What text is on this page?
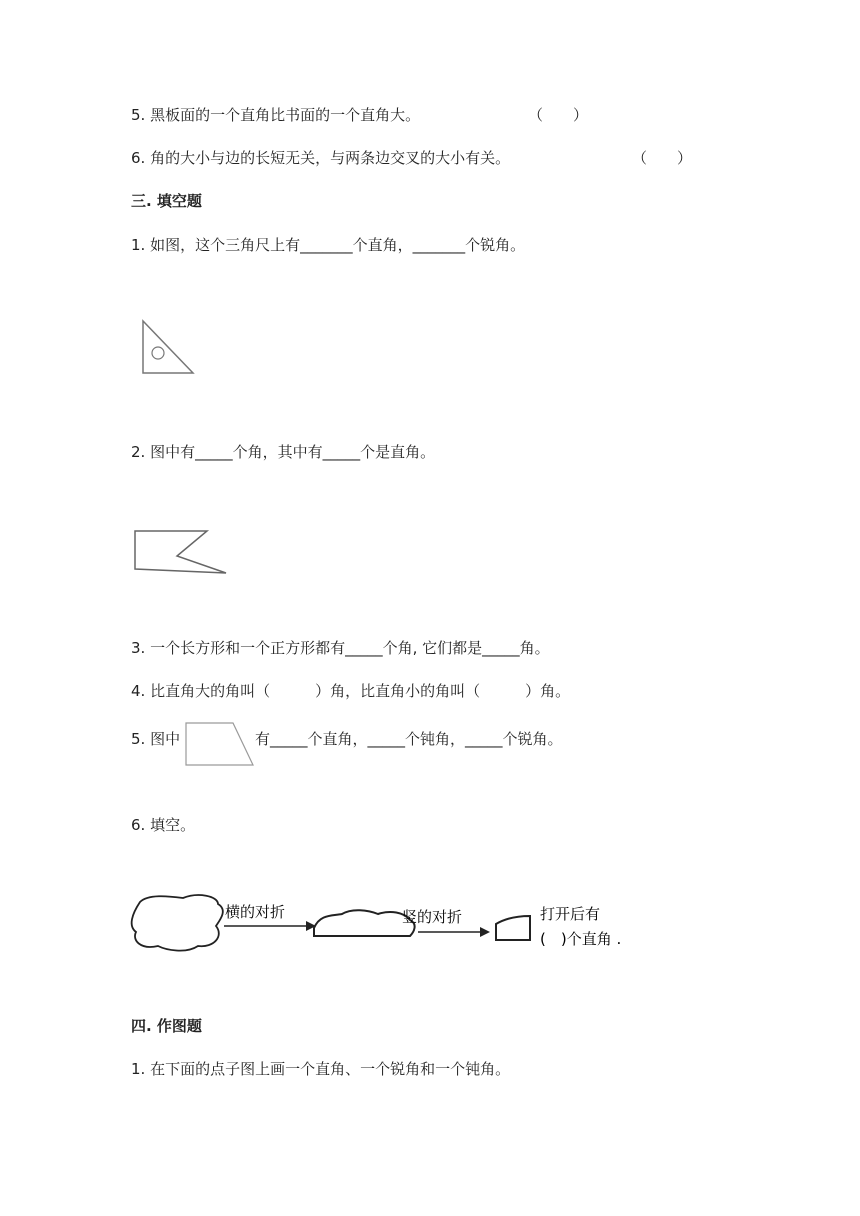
5. 黑板面的一个直角比书面的一个直角大。	（　　）
6. 角的大小与边的长短无关，与两条边交叉的大小有关。	（　　）
三. 填空题
1. 如图，这个三角尺上有_______个直角，_______个锐角。
2. 图中有_____个角，其中有_____个是直角。
3. 一个长方形和一个正方形都有_____个角, 它们都是_____角。
4. 比直角大的角叫（　　　）角，比直角小的角叫（　　　）角。
5. 图中	有_____个直角，_____个钝角，_____个锐角。
6. 填空。
横的对折	竖的对折	打开后有
(　)个直角 .
四. 作图题
1. 在下面的点子图上画一个直角、一个锐角和一个钝角。
